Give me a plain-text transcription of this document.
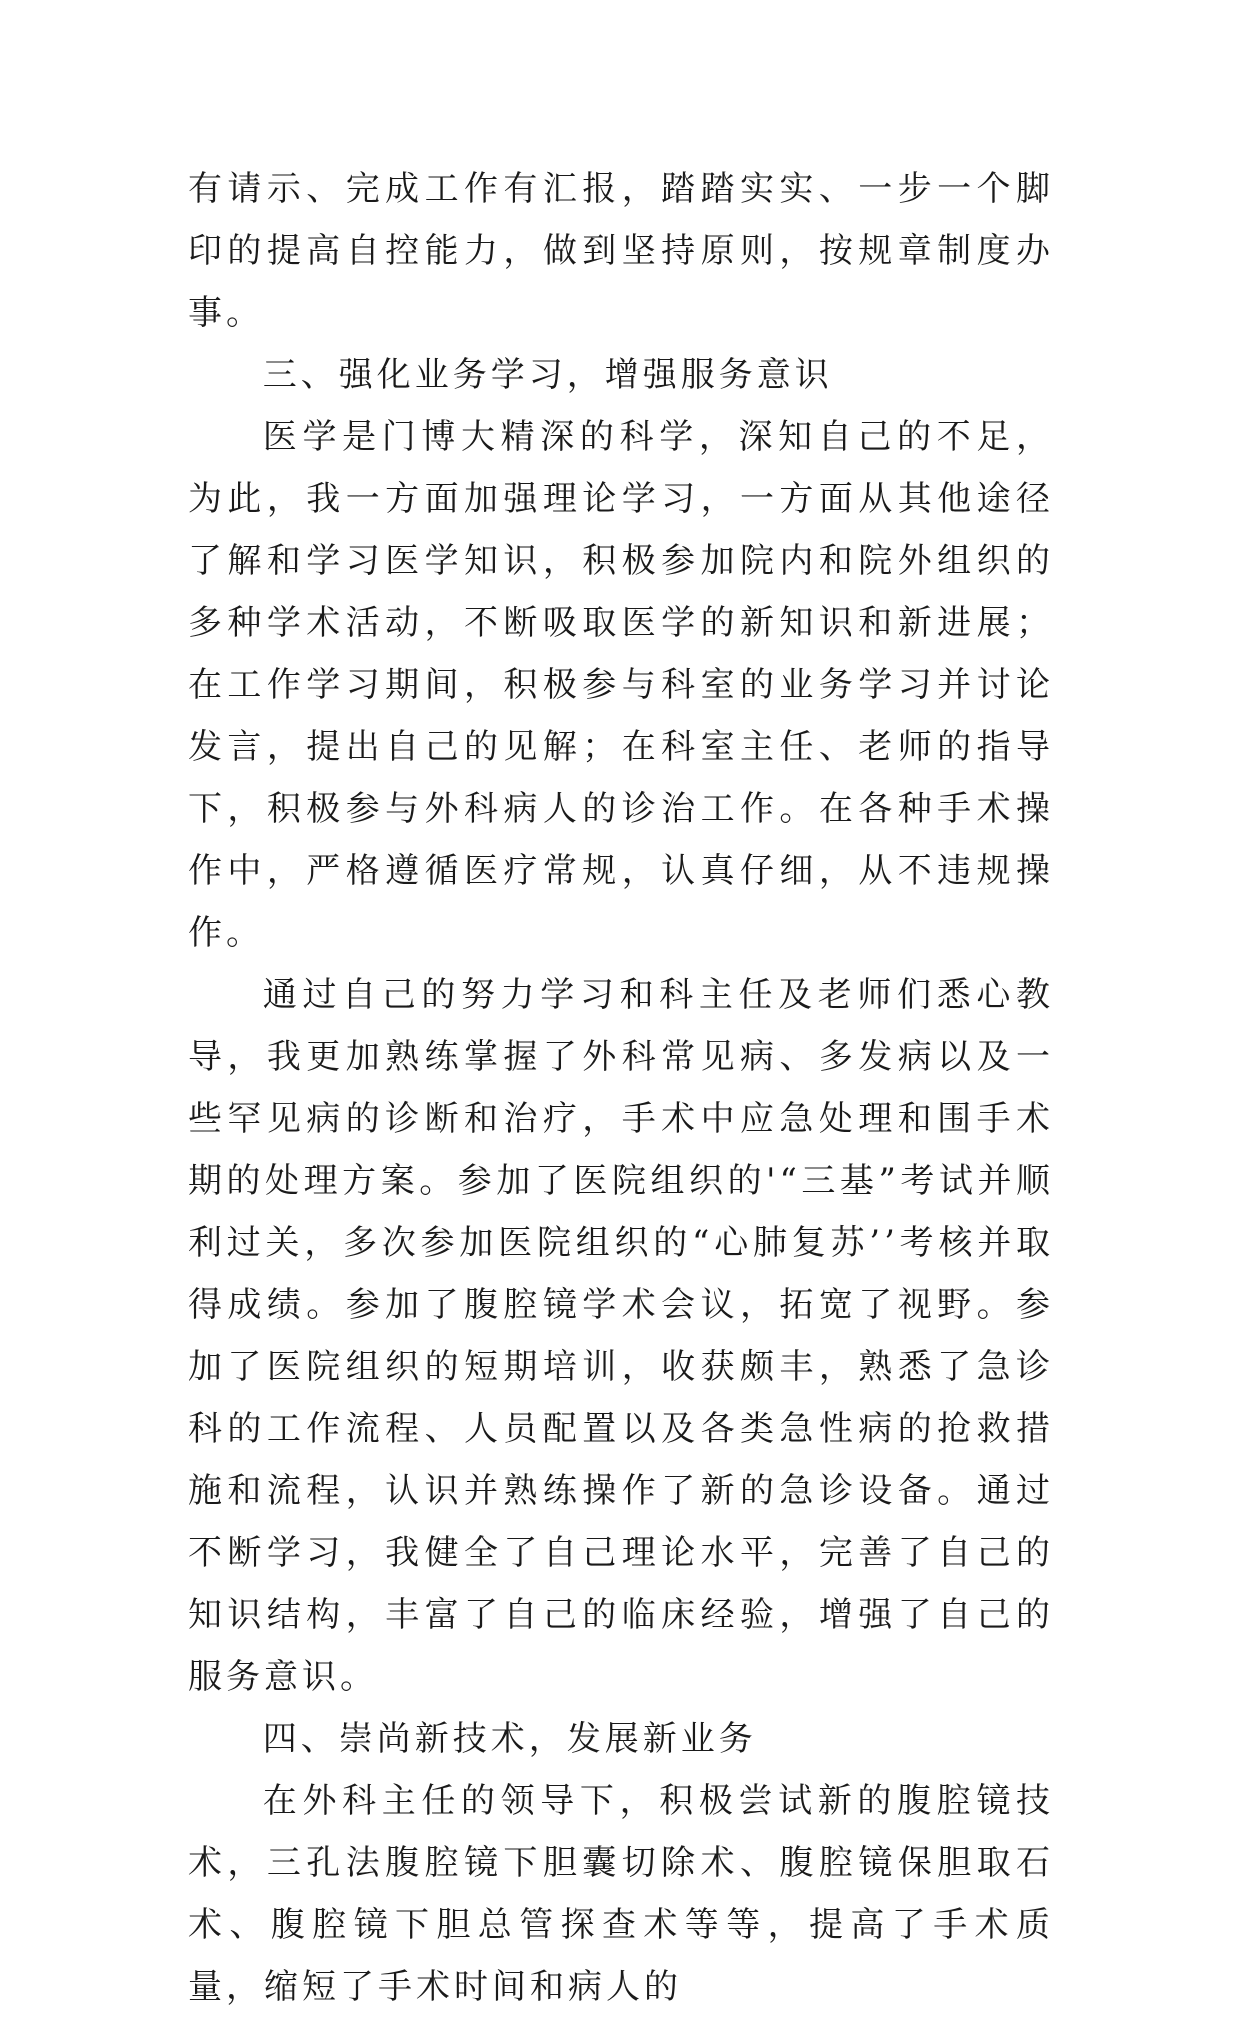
有请示、完成工作有汇报，踏踏实实、一步一个脚印的提高自控能力，做到坚持原则，按规章制度办事。

三、强化业务学习，增强服务意识

医学是门博大精深的科学，深知自己的不足，为此，我一方面加强理论学习，一方面从其他途径了解和学习医学知识，积极参加院内和院外组织的多种学术活动，不断吸取医学的新知识和新进展；在工作学习期间，积极参与科室的业务学习并讨论发言，提出自己的见解；在科室主任、老师的指导下，积极参与外科病人的诊治工作。在各种手术操作中，严格遵循医疗常规，认真仔细，从不违规操作。

通过自己的努力学习和科主任及老师们悉心教导，我更加熟练掌握了外科常见病、多发病以及一些罕见病的诊断和治疗，手术中应急处理和围手术期的处理方案。参加了医院组织的'“三基”考试并顺利过关，多次参加医院组织的“心肺复苏’’考核并取得成绩。参加了腹腔镜学术会议，拓宽了视野。参加了医院组织的短期培训，收获颇丰，熟悉了急诊科的工作流程、人员配置以及各类急性病的抢救措施和流程，认识并熟练操作了新的急诊设备。通过不断学习，我健全了自己理论水平，完善了自己的知识结构，丰富了自己的临床经验，增强了自己的服务意识。

四、崇尚新技术，发展新业务

在外科主任的领导下，积极尝试新的腹腔镜技术，三孔法腹腔镜下胆囊切除术、腹腔镜保胆取石术、腹腔镜下胆总管探查术等等，提高了手术质量，缩短了手术时间和病人的
